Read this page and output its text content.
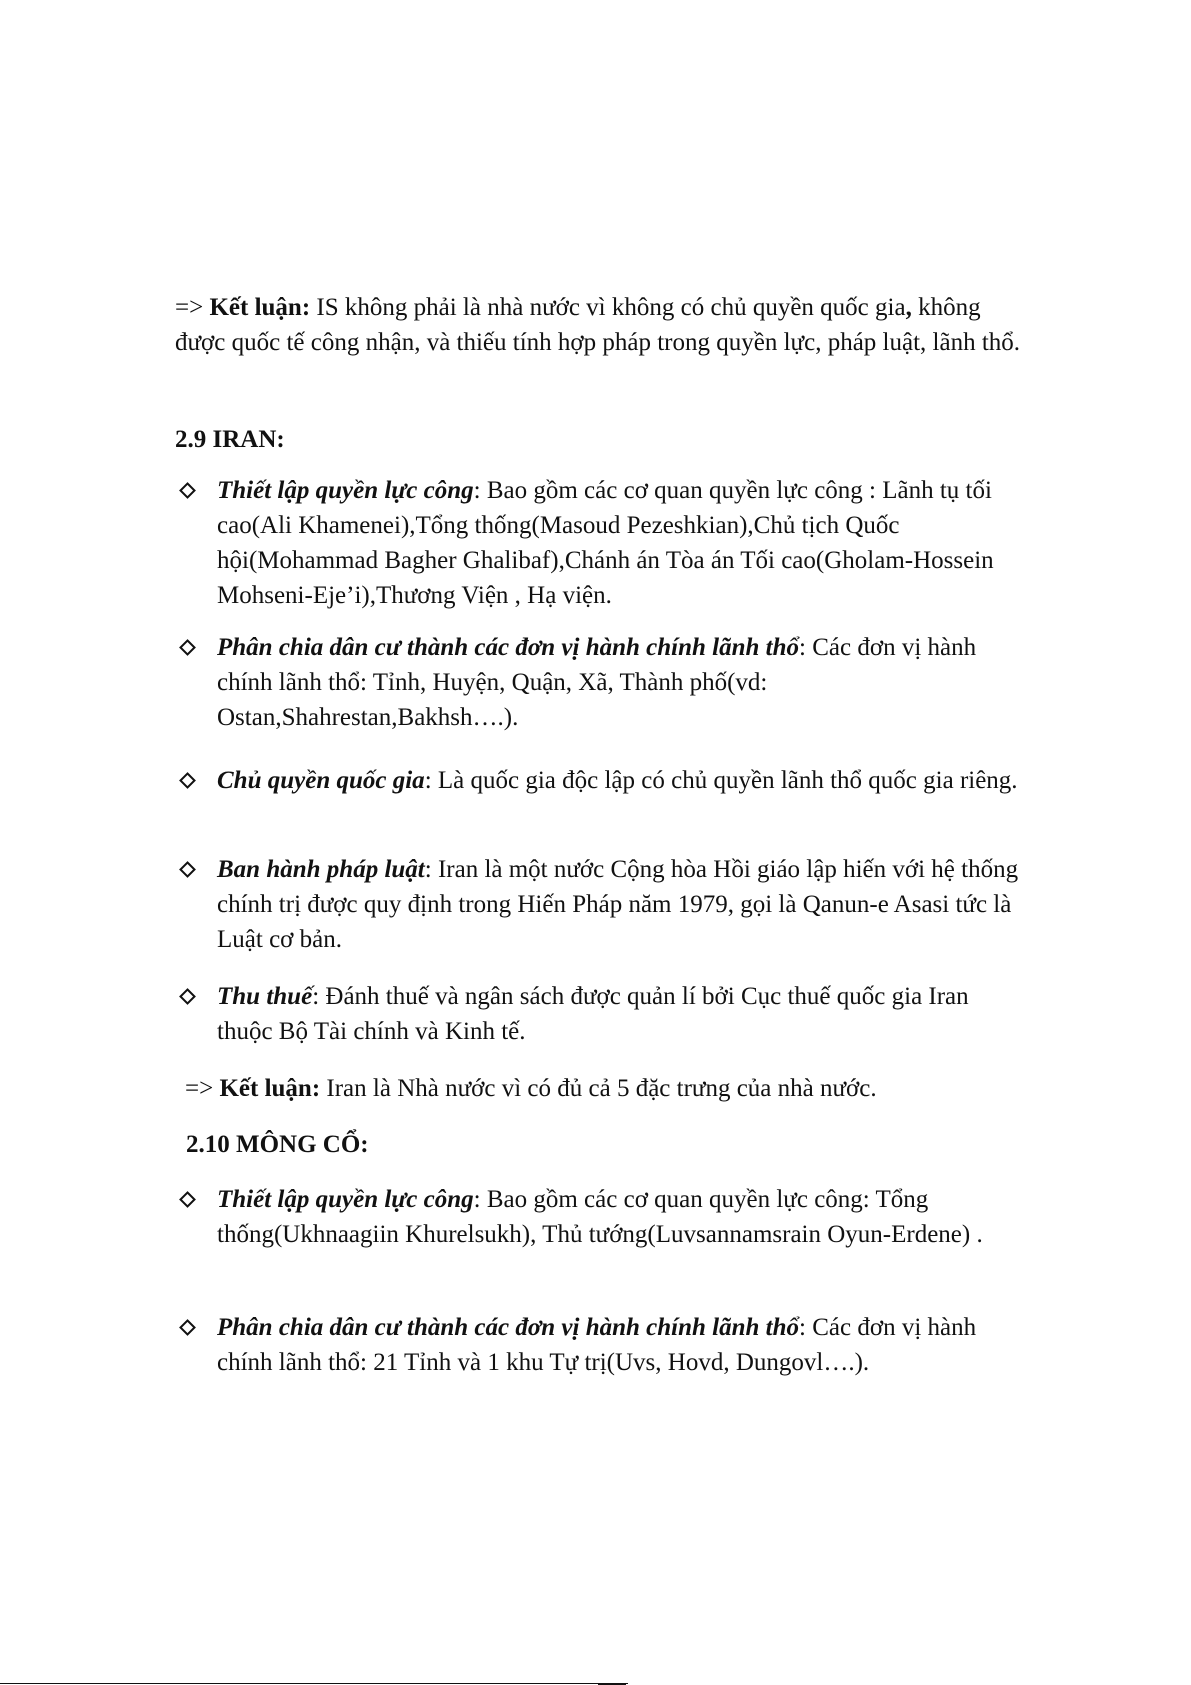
=> Kết luận: IS không phải là nhà nước vì không có chủ quyền quốc gia, không được quốc tế công nhận, và thiếu tính hợp pháp trong quyền lực, pháp luật, lãnh thổ.
2.9 IRAN:
Thiết lập quyền lực công: Bao gồm các cơ quan quyền lực công : Lãnh tụ tối cao(Ali Khamenei),Tổng thống(Masoud Pezeshkian),Chủ tịch Quốc hội(Mohammad Bagher Ghalibaf),Chánh án Tòa án Tối cao(Gholam-Hossein Mohseni-Eje’i),Thương Viện , Hạ viện.
Phân chia dân cư thành các đơn vị hành chính lãnh thổ: Các đơn vị hành chính lãnh thổ: Tỉnh, Huyện, Quận, Xã, Thành phố(vd: Ostan,Shahrestan,Bakhsh….).
Chủ quyền quốc gia: Là quốc gia độc lập có chủ quyền lãnh thổ quốc gia riêng.
Ban hành pháp luật: Iran là một nước Cộng hòa Hồi giáo lập hiến với hệ thống chính trị được quy định trong Hiến Pháp năm 1979, gọi là Qanun-e Asasi tức là Luật cơ bản.
Thu thuế: Đánh thuế và ngân sách được quản lí bởi Cục thuế quốc gia Iran thuộc Bộ Tài chính và Kinh tế.
=> Kết luận: Iran là Nhà nước vì có đủ cả 5 đặc trưng của nhà nước.
2.10 MÔNG CỔ:
Thiết lập quyền lực công: Bao gồm các cơ quan quyền lực công: Tổng thống(Ukhnaagiin Khurelsukh), Thủ tướng(Luvsannamsrain Oyun-Erdene) .
Phân chia dân cư thành các đơn vị hành chính lãnh thổ: Các đơn vị hành chính lãnh thổ: 21 Tỉnh và 1 khu Tự trị(Uvs, Hovd, Dungovl….).
